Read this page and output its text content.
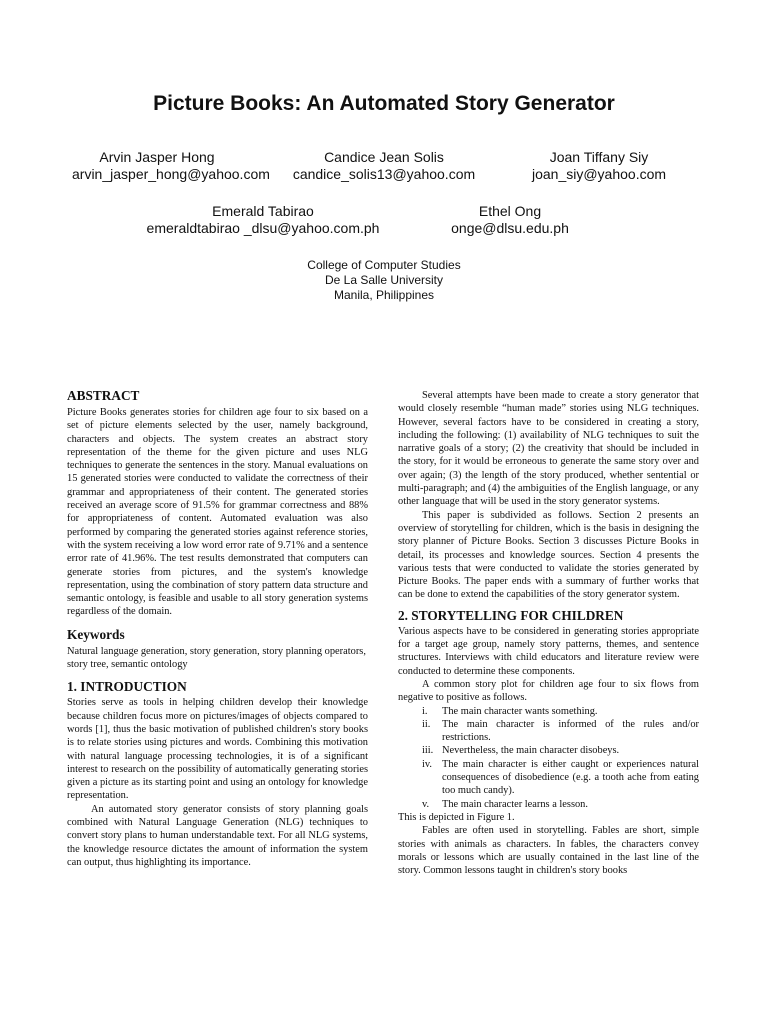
Picture Books: An Automated Story Generator
Arvin Jasper Hong
arvin_jasper_hong@yahoo.com
Candice Jean Solis
candice_solis13@yahoo.com
Joan Tiffany Siy
joan_siy@yahoo.com
Emerald Tabirao
emeraldtabirao _dlsu@yahoo.com.ph
Ethel Ong
onge@dlsu.edu.ph
College of Computer Studies
De La Salle University
Manila, Philippines
ABSTRACT

Picture Books generates stories for children age four to six based on a set of picture elements selected by the user, namely background, characters and objects. The system creates an abstract story representation of the theme for the given picture and uses NLG techniques to generate the sentences in the story. Manual evaluations on 15 generated stories were conducted to validate the correctness of their grammar and appropriateness of their content. The generated stories received an average score of 91.5% for grammar correctness and 88% for appropriateness of content. Automated evaluation was also performed by comparing the generated stories against reference stories, with the system receiving a low word error rate of 9.71% and a sentence error rate of 41.96%. The test results demonstrated that computers can generate stories from pictures, and the system's knowledge representation, using the combination of story pattern data structure and semantic ontology, is feasible and usable to all story generation systems regardless of the domain.

Keywords

Natural language generation, story generation, story planning operators, story tree, semantic ontology

1. INTRODUCTION

Stories serve as tools in helping children develop their knowledge because children focus more on pictures/images of objects compared to words [1], thus the basic motivation of published children's story books is to relate stories using pictures and words. Combining this motivation with natural language processing technologies, it is of a significant interest to research on the possibility of automatically generating stories given a picture as its starting point and using an ontology for knowledge representation.

An automated story generator consists of story planning goals combined with Natural Language Generation (NLG) techniques to convert story plans to human understandable text. For all NLG systems, the knowledge resource dictates the amount of information the system can output, thus highlighting its importance.

Several attempts have been made to create a story generator that would closely resemble “human made” stories using NLG techniques. However, several factors have to be considered in creating a story, including the following: (1) availability of NLG techniques to suit the narrative goals of a story; (2) the creativity that should be included in the story, for it would be erroneous to generate the same story over and over again; (3) the length of the story produced, whether sentential or multi-paragraph; and (4) the ambiguities of the English language, or any other language that will be used in the story generator systems.

This paper is subdivided as follows. Section 2 presents an overview of storytelling for children, which is the basis in designing the story planner of Picture Books. Section 3 discusses Picture Books in detail, its processes and knowledge sources. Section 4 presents the various tests that were conducted to validate the stories generated by Picture Books. The paper ends with a summary of further works that can be done to extend the capabilities of the story generator system.

2. STORYTELLING FOR CHILDREN

Various aspects have to be considered in generating stories appropriate for a target age group, namely story patterns, themes, and sentence structures. Interviews with child educators and literature review were conducted to determine these components.

A common story plot for children age four to six flows from negative to positive as follows.

i.	The main character wants something.
ii.	The main character is informed of the rules and/or restrictions.
iii. Nevertheless, the main character disobeys.
iv. The main character is either caught or experiences natural consequences of disobedience (e.g. a tooth ache from eating too much candy).
v.	The main character learns a lesson.

This is depicted in Figure 1.

Fables are often used in storytelling. Fables are short, simple stories with animals as characters. In fables, the characters convey morals or lessons which are usually contained in the last line of the story. Common lessons taught in children's story books
